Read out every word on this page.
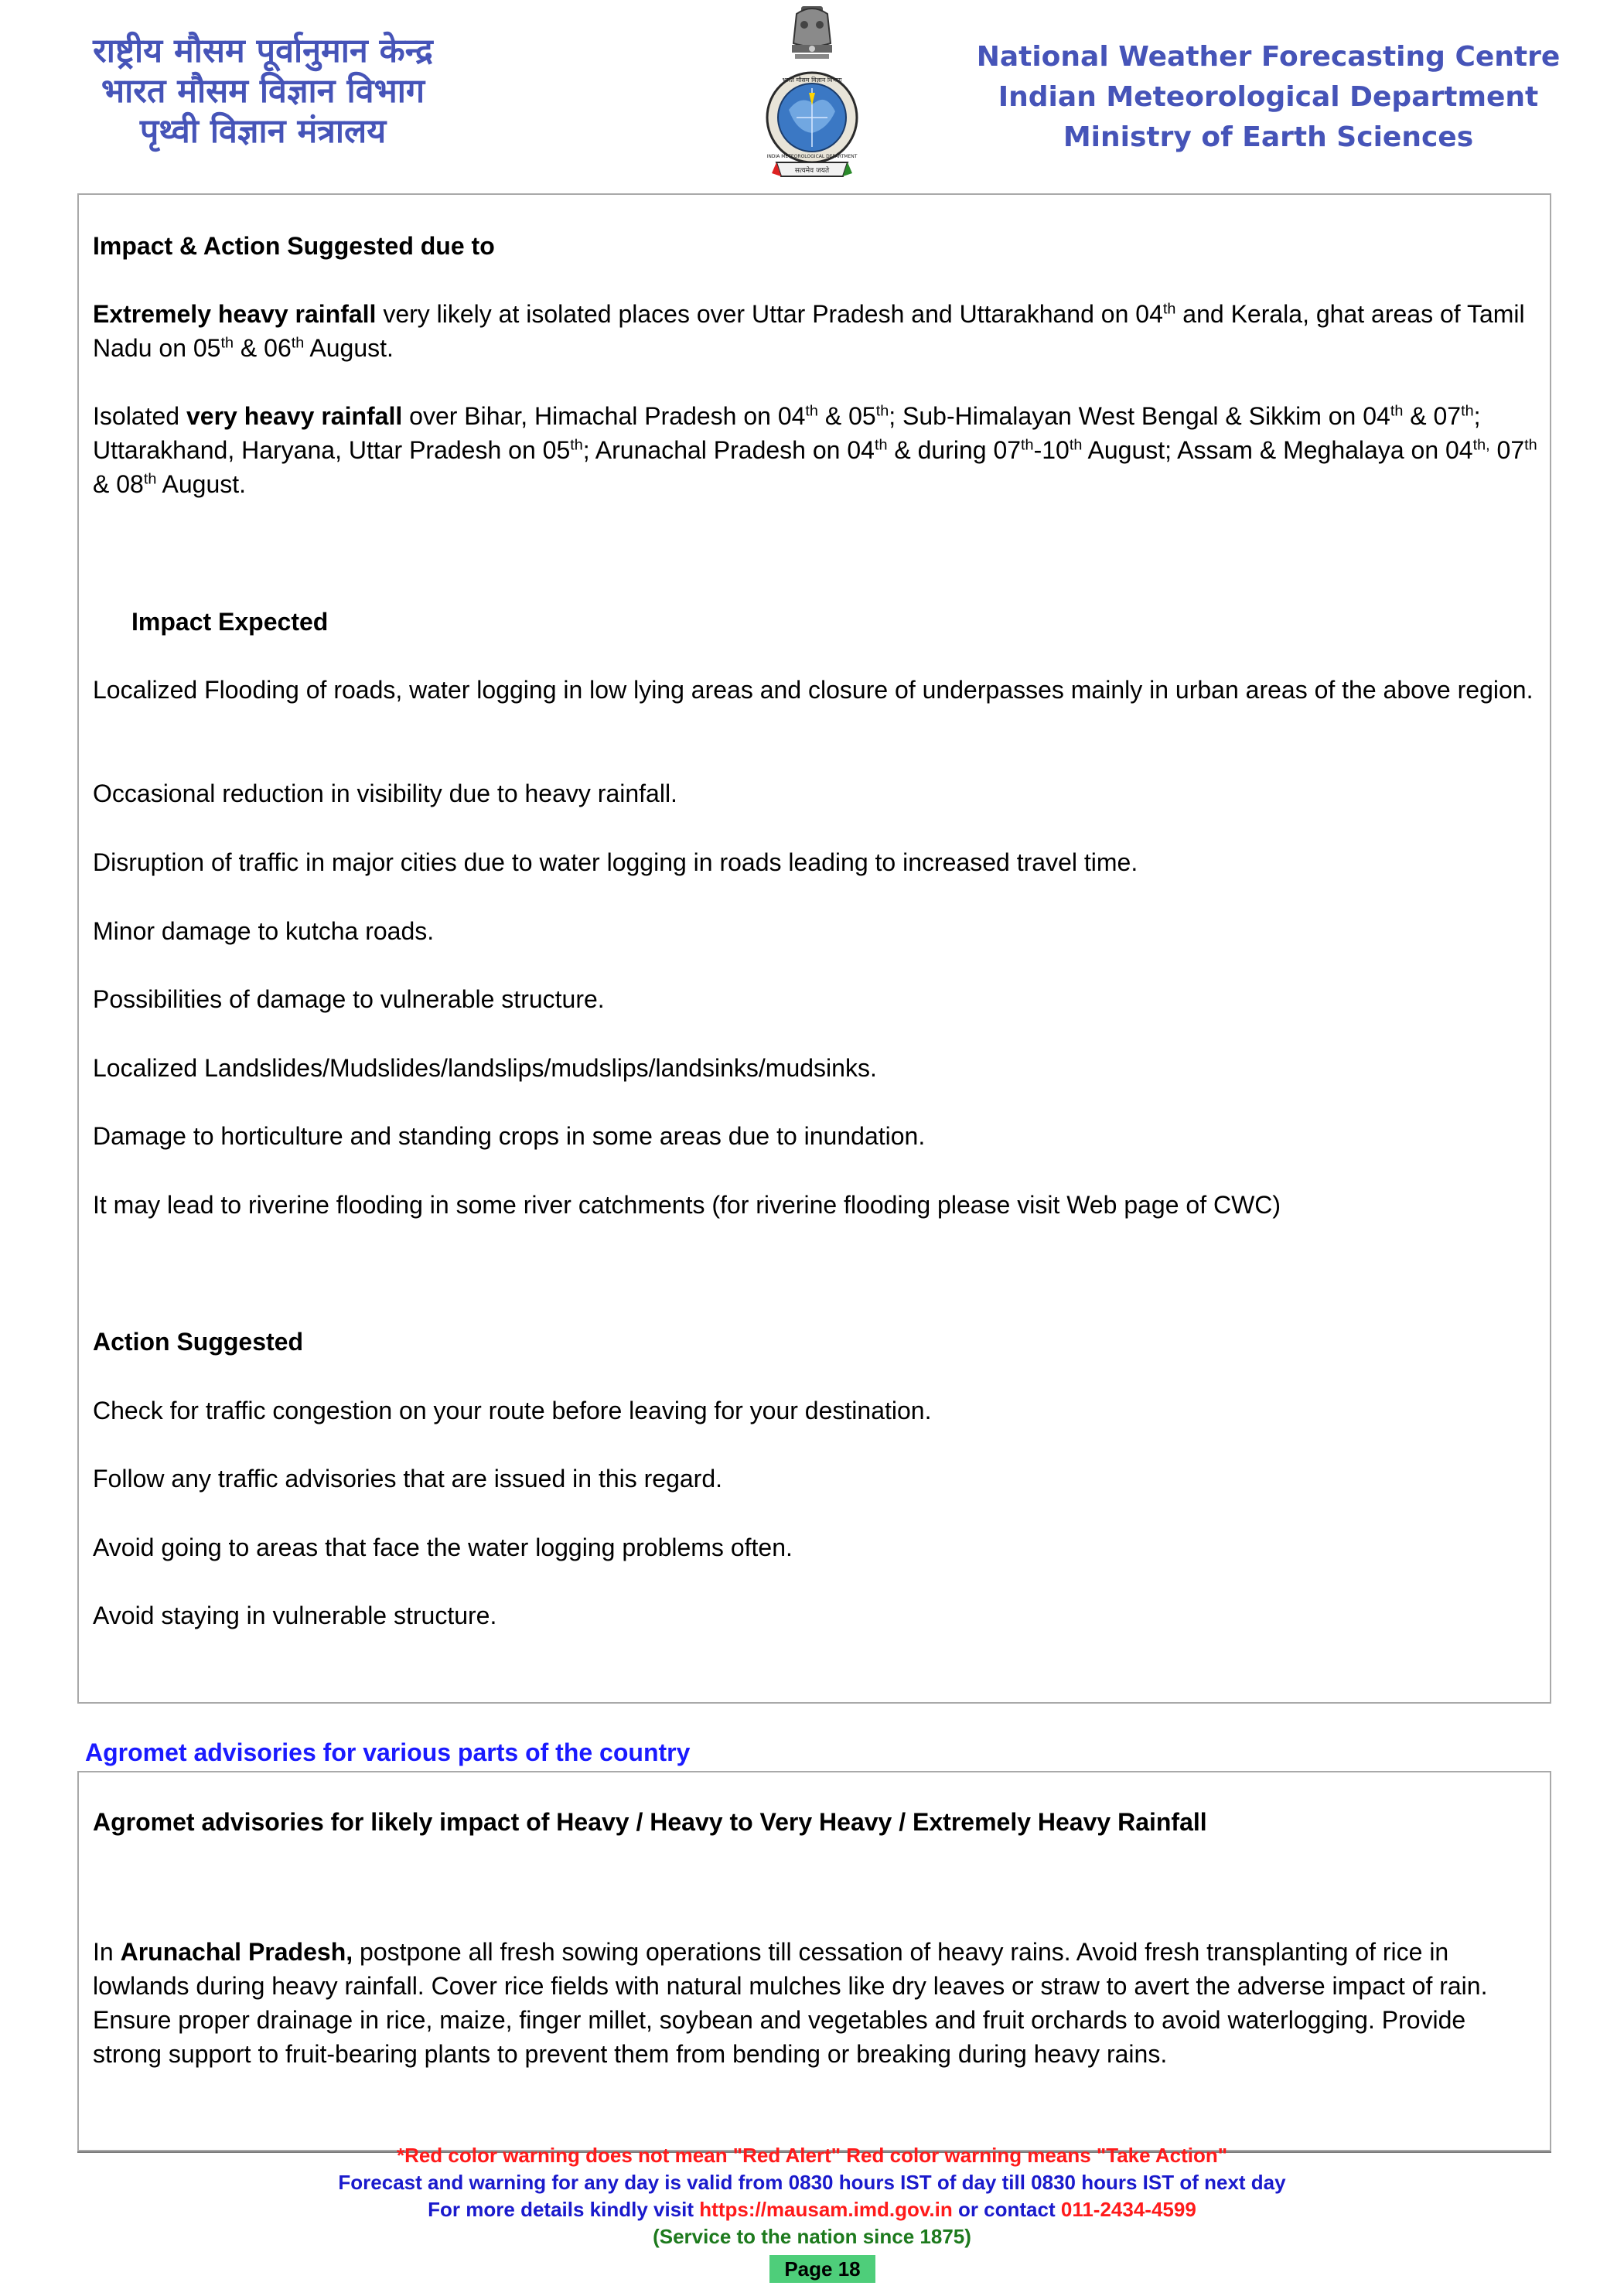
राष्ट्रीय मौसम पूर्वानुमान केन्द्र
भारत मौसम विज्ञान विभाग
पृथ्वी विज्ञान मंत्रालय
भारत मौसम विज्ञान विभाग
INDIA METEOROLOGICAL DEPARTMENT
सत्यमेव जयते
National Weather Forecasting Centre
Indian Meteorological Department
Ministry of Earth Sciences

Impact & Action Suggested due to

Extremely heavy rainfall very likely at isolated places over Uttar Pradesh and Uttarakhand on 04th and Kerala, ghat areas of Tamil Nadu on 05th & 06th August.

Isolated very heavy rainfall over Bihar, Himachal Pradesh on 04th & 05th; Sub-Himalayan West Bengal & Sikkim on 04th & 07th; Uttarakhand, Haryana, Uttar Pradesh on 05th; Arunachal Pradesh on 04th & during 07th-10th August; Assam & Meghalaya on $04^{th,}$ 07th & 08th August.

Impact Expected

Localized Flooding of roads, water logging in low lying areas and closure of underpasses mainly in urban areas of the above region.

Occasional reduction in visibility due to heavy rainfall.

Disruption of traffic in major cities due to water logging in roads leading to increased travel time.

Minor damage to kutcha roads.

Possibilities of damage to vulnerable structure.

Localized Landslides/Mudslides/landslips/mudslips/landsinks/mudsinks.

Damage to horticulture and standing crops in some areas due to inundation.

It may lead to riverine flooding in some river catchments (for riverine flooding please visit Web page of CWC)

Action Suggested

Check for traffic congestion on your route before leaving for your destination.

Follow any traffic advisories that are issued in this regard.

Avoid going to areas that face the water logging problems often.

Avoid staying in vulnerable structure.

Agromet advisories for various parts of the country

Agromet advisories for likely impact of Heavy / Heavy to Very Heavy / Extremely Heavy Rainfall

In Arunachal Pradesh, postpone all fresh sowing operations till cessation of heavy rains. Avoid fresh transplanting of rice in lowlands during heavy rainfall. Cover rice fields with natural mulches like dry leaves or straw to avert the adverse impact of rain. Ensure proper drainage in rice, maize, finger millet, soybean and vegetables and fruit orchards to avoid waterlogging. Provide strong support to fruit-bearing plants to prevent them from bending or breaking during heavy rains.

*Red color warning does not mean "Red Alert" Red color warning means "Take Action"
Forecast and warning for any day is valid from 0830 hours IST of day till 0830 hours IST of next day
For more details kindly visit https://mausam.imd.gov.in or contact 011-2434-4599
(Service to the nation since 1875)
Page 18
